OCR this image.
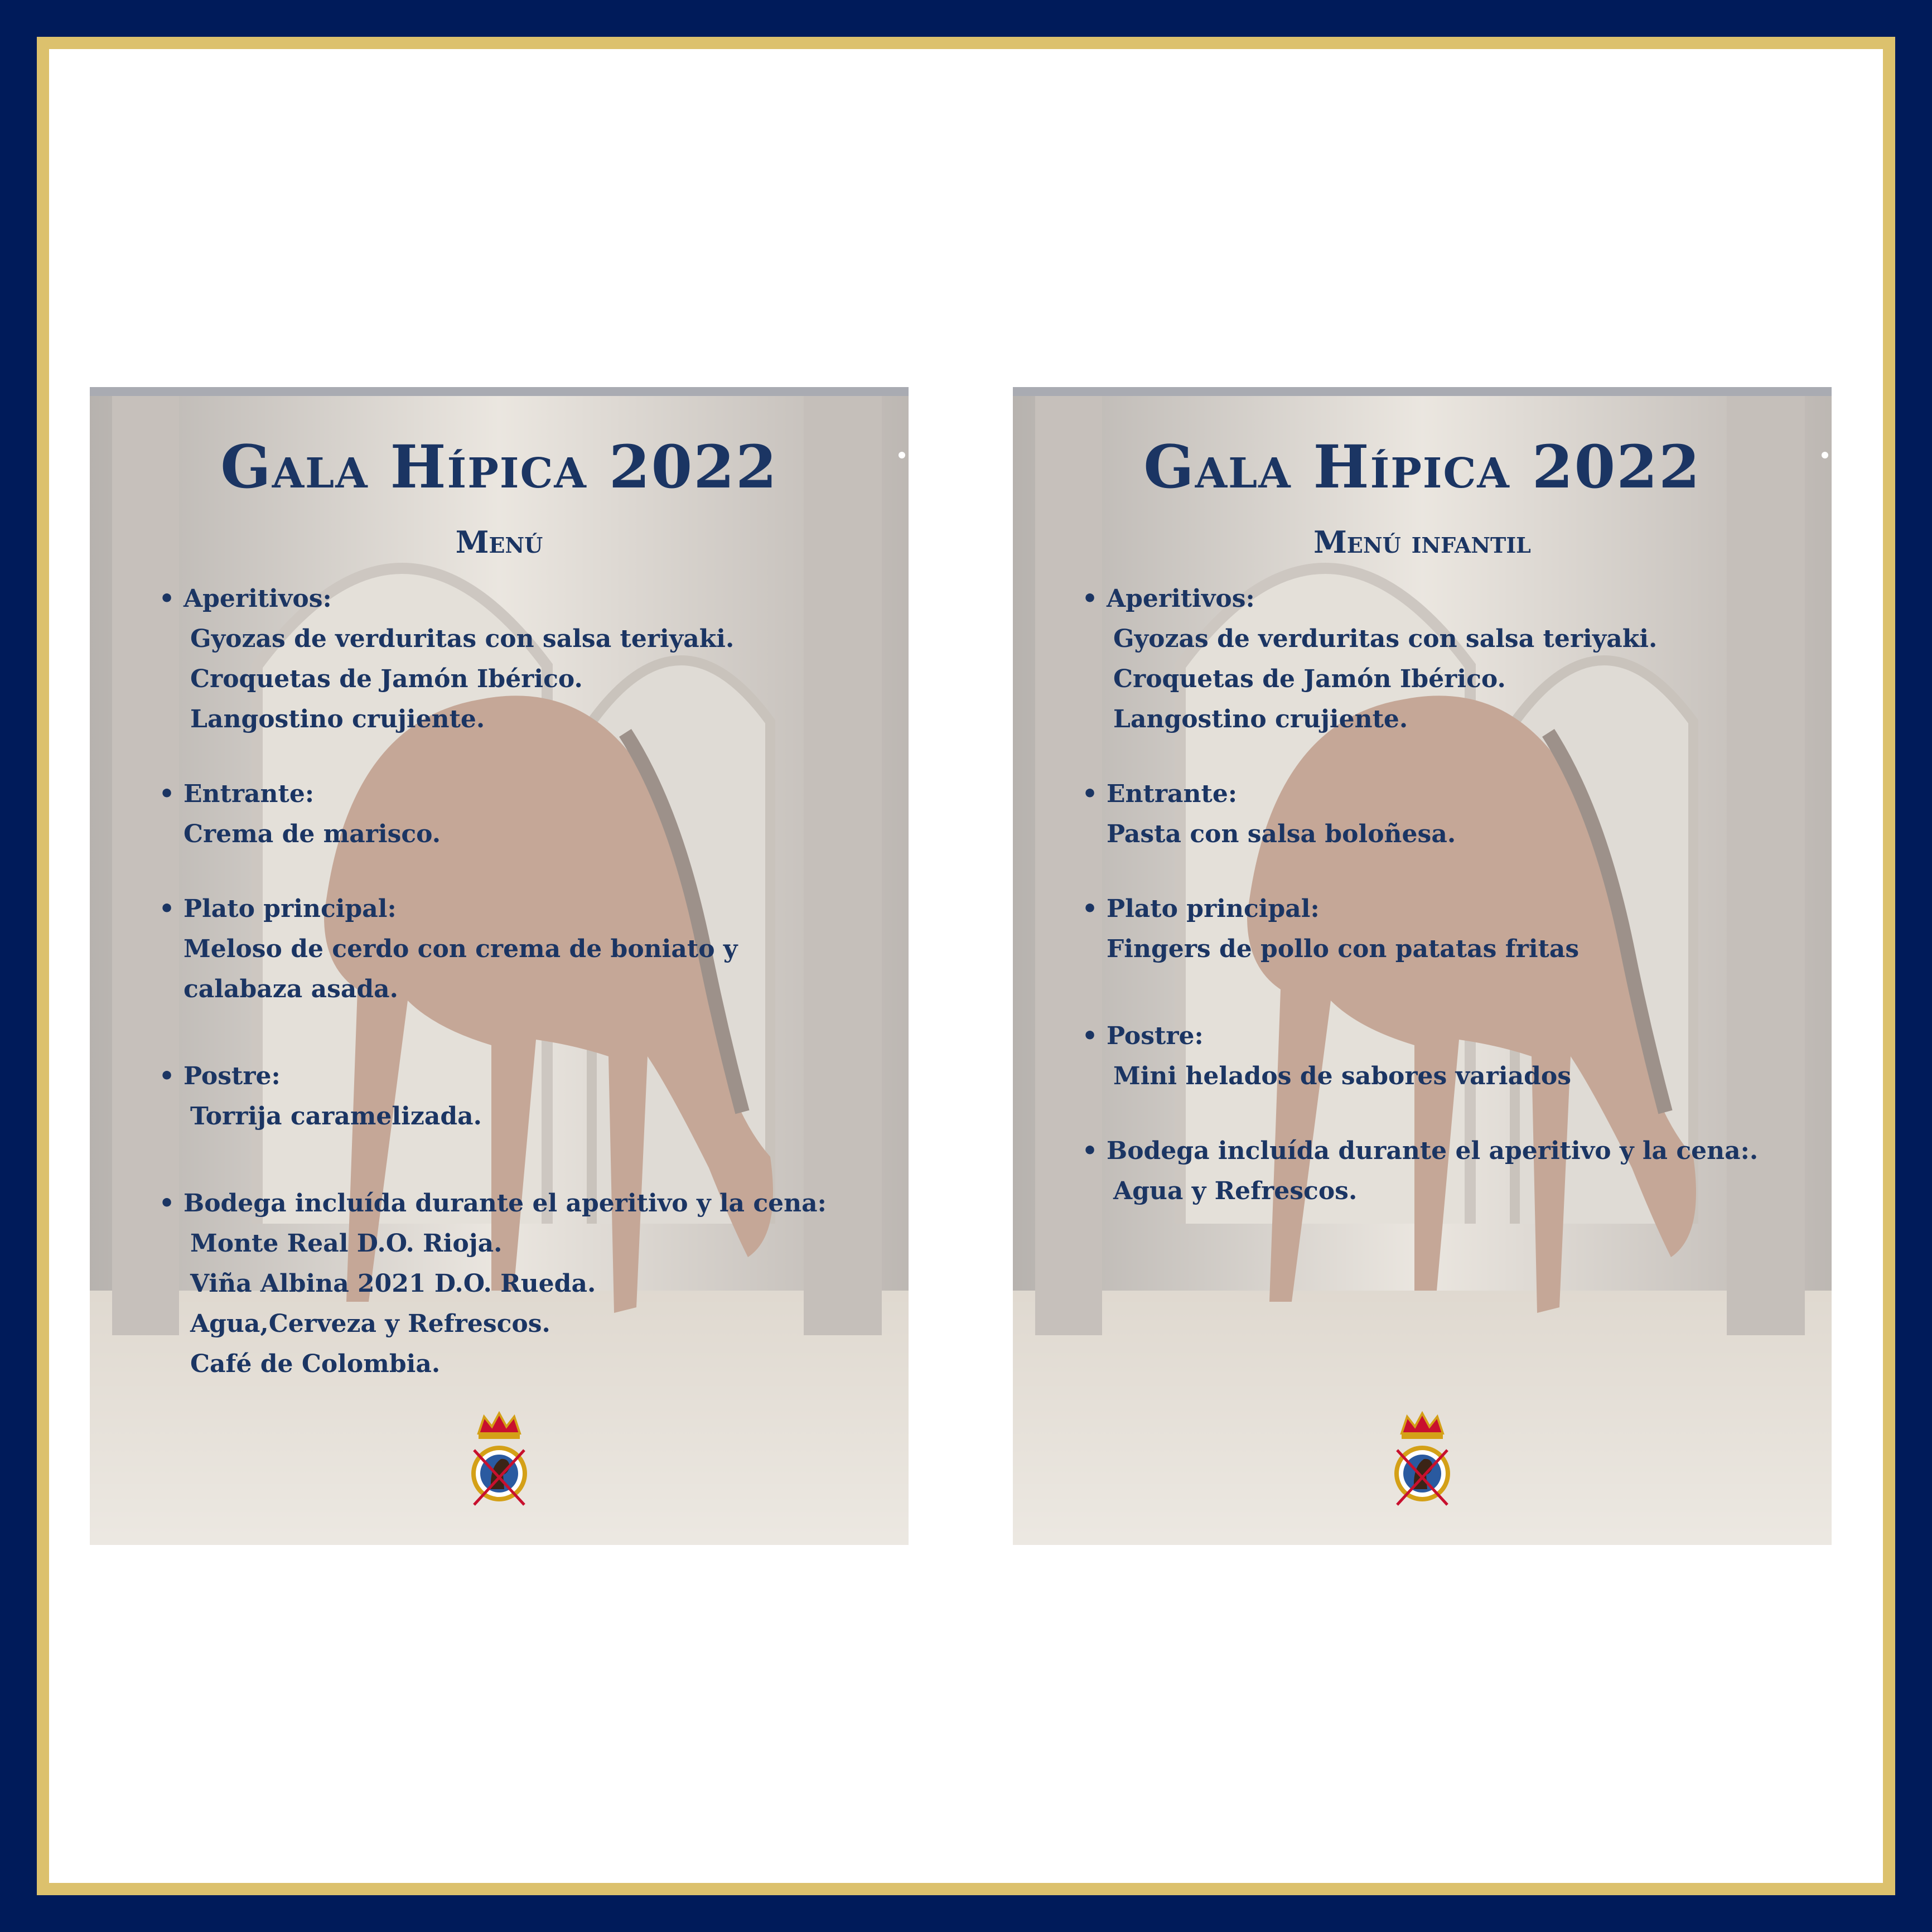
Gala Hípica 2022
Menú
• Aperitivos:
Gyozas de verduritas con salsa teriyaki.
Croquetas de Jamón Ibérico.
Langostino crujiente.
• Entrante:
Crema de marisco.
• Plato principal:
Meloso de cerdo con crema de boniato y
calabaza asada.
• Postre:
Torrija caramelizada.
• Bodega incluída durante el aperitivo y la cena:
Monte Real D.O. Rioja.
Viña Albina 2021 D.O. Rueda.
Agua,Cerveza y Refrescos.
Café de Colombia.
Gala Hípica 2022
Menú infantil
• Aperitivos:
Gyozas de verduritas con salsa teriyaki.
Croquetas de Jamón Ibérico.
Langostino crujiente.
• Entrante:
Pasta con salsa boloñesa.
• Plato principal:
Fingers de pollo con patatas fritas
• Postre:
Mini helados de sabores variados
• Bodega incluída durante el aperitivo y la cena:.
Agua y Refrescos.
